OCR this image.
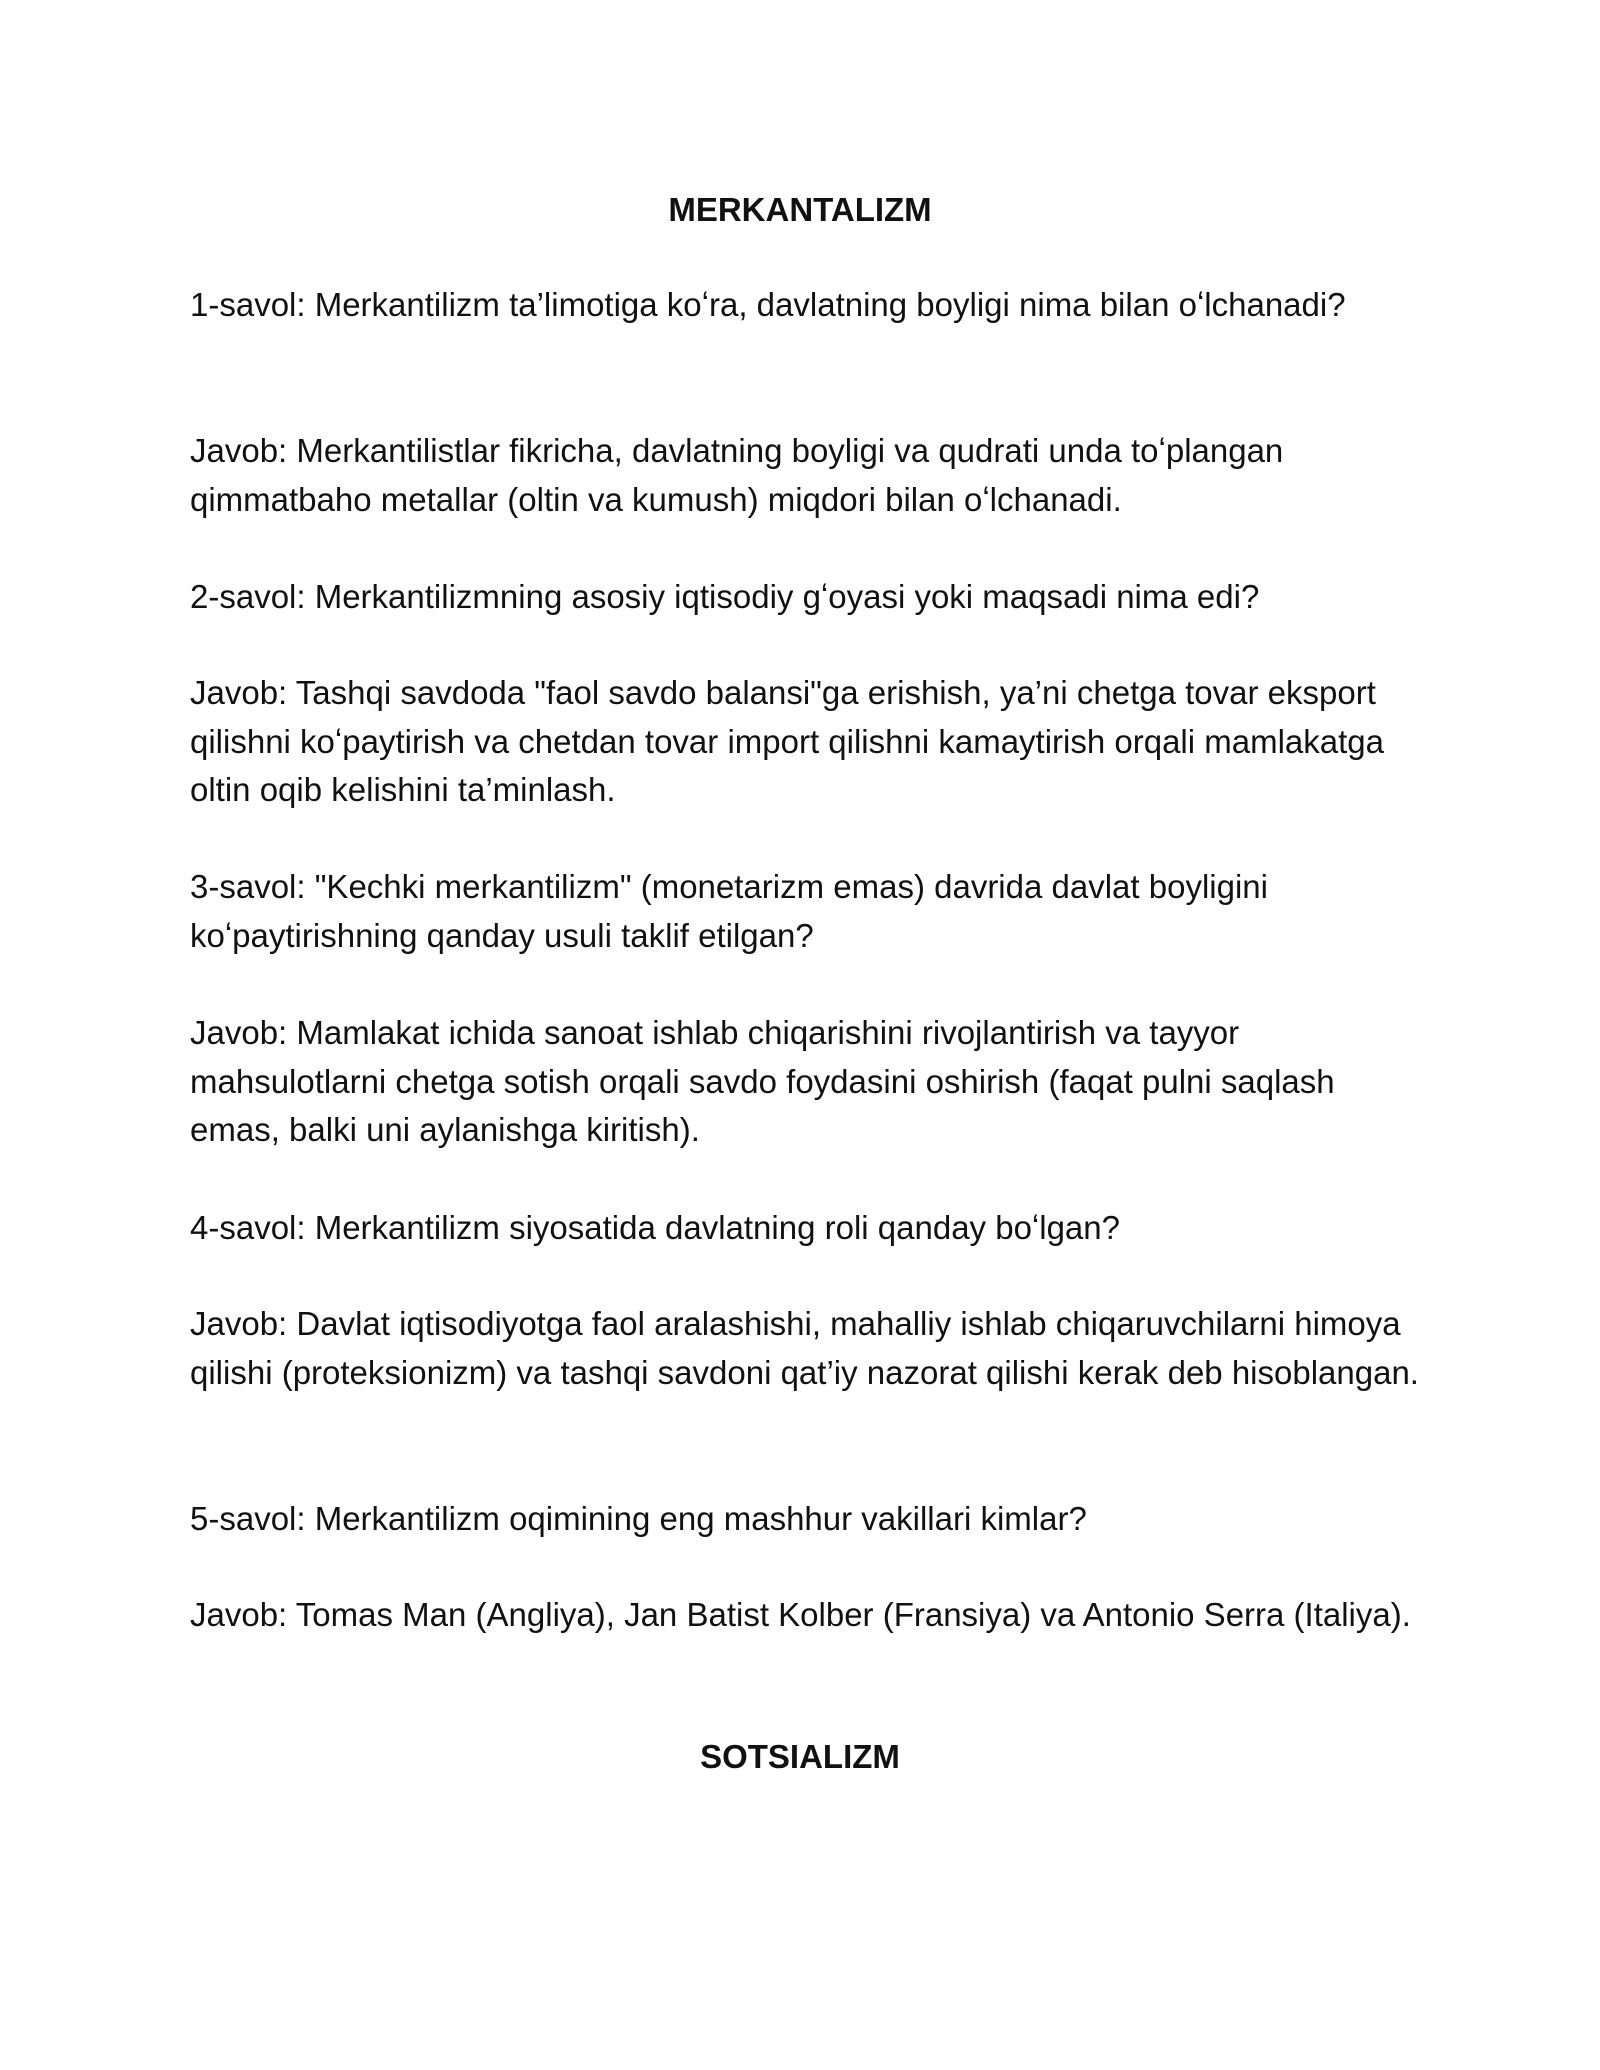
MERKANTALIZM

1-savol: Merkantilizm ta’limotiga koʻra, davlatning boyligi nima bilan oʻlchanadi?

Javob: Merkantilistlar fikricha, davlatning boyligi va qudrati unda toʻplangan qimmatbaho metallar (oltin va kumush) miqdori bilan oʻlchanadi.

2-savol: Merkantilizmning asosiy iqtisodiy gʻoyasi yoki maqsadi nima edi?

Javob: Tashqi savdoda "faol savdo balansi"ga erishish, ya’ni chetga tovar eksport qilishni koʻpaytirish va chetdan tovar import qilishni kamaytirish orqali mamlakatga oltin oqib kelishini ta’minlash.

3-savol: "Kechki merkantilizm" (monetarizm emas) davrida davlat boyligini koʻpaytirishning qanday usuli taklif etilgan?

Javob: Mamlakat ichida sanoat ishlab chiqarishini rivojlantirish va tayyor mahsulotlarni chetga sotish orqali savdo foydasini oshirish (faqat pulni saqlash emas, balki uni aylanishga kiritish).

4-savol: Merkantilizm siyosatida davlatning roli qanday boʻlgan?

Javob: Davlat iqtisodiyotga faol aralashishi, mahalliy ishlab chiqaruvchilarni himoya qilishi (proteksionizm) va tashqi savdoni qat’iy nazorat qilishi kerak deb hisoblangan.

5-savol: Merkantilizm oqimining eng mashhur vakillari kimlar?

Javob: Tomas Man (Angliya), Jan Batist Kolber (Fransiya) va Antonio Serra (Italiya).

SOTSIALIZM
